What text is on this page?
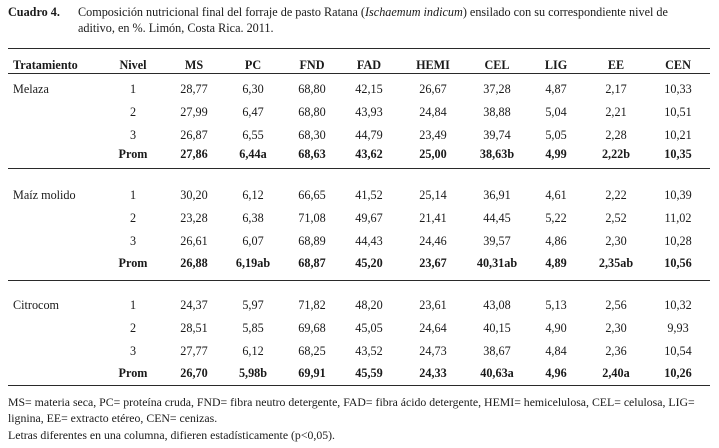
Cuadro 4. Composición nutricional final del forraje de pasto Ratana (Ischaemum indicum) ensilado con su correspondiente nivel de aditivo, en %. Limón, Costa Rica. 2011.
Tratamiento	Nivel	MS	PC	FND	FAD	HEMI	CEL	LIG	EE	CEN
Melaza	1	28,77	6,30	68,80 42,15	26,67	37,28	4,87	2,17	10,33
2	27,99	6,47	68,80 43,93	24,84	38,88	5,04	2,21	10,51
3	26,87	6,55	68,30 44,79	23,49	39,74	5,05	2,28	10,21
Prom	27,86	6,44a	68,63 43,62	25,00	38,63b	4,99	2,22b	10,35
Maíz molido	1	30,20	6,12	66,65 41,52	25,14	36,91	4,61	2,22	10,39
2	23,28	6,38	71,08 49,67	21,41	44,45	5,22	2,52	11,02
3	26,61	6,07	68,89 44,43	24,46	39,57	4,86	2,30	10,28
Prom	26,88 6,19ab 68,87 45,20	23,67 40,31ab 4,89	2,35ab	10,56
Citrocom	1	24,37	5,97	71,82 48,20	23,61	43,08	5,13	2,56	10,32
2	28,51	5,85	69,68 45,05	24,64	40,15	4,90	2,30	9,93
3	27,77	6,12	68,25 43,52	24,73	38,67	4,84	2,36	10,54
Prom	26,70	5,98b	69,91 45,59	24,33	40,63a	4,96	2,40a	10,26
MS= materia seca, PC= proteína cruda, FND= fibra neutro detergente, FAD= fibra ácido detergente, HEMI= hemicelulosa, CEL= celulosa, LIG= lignina, EE= extracto etéreo, CEN= cenizas.
Letras diferentes en una columna, difieren estadísticamente (p<0,05).
